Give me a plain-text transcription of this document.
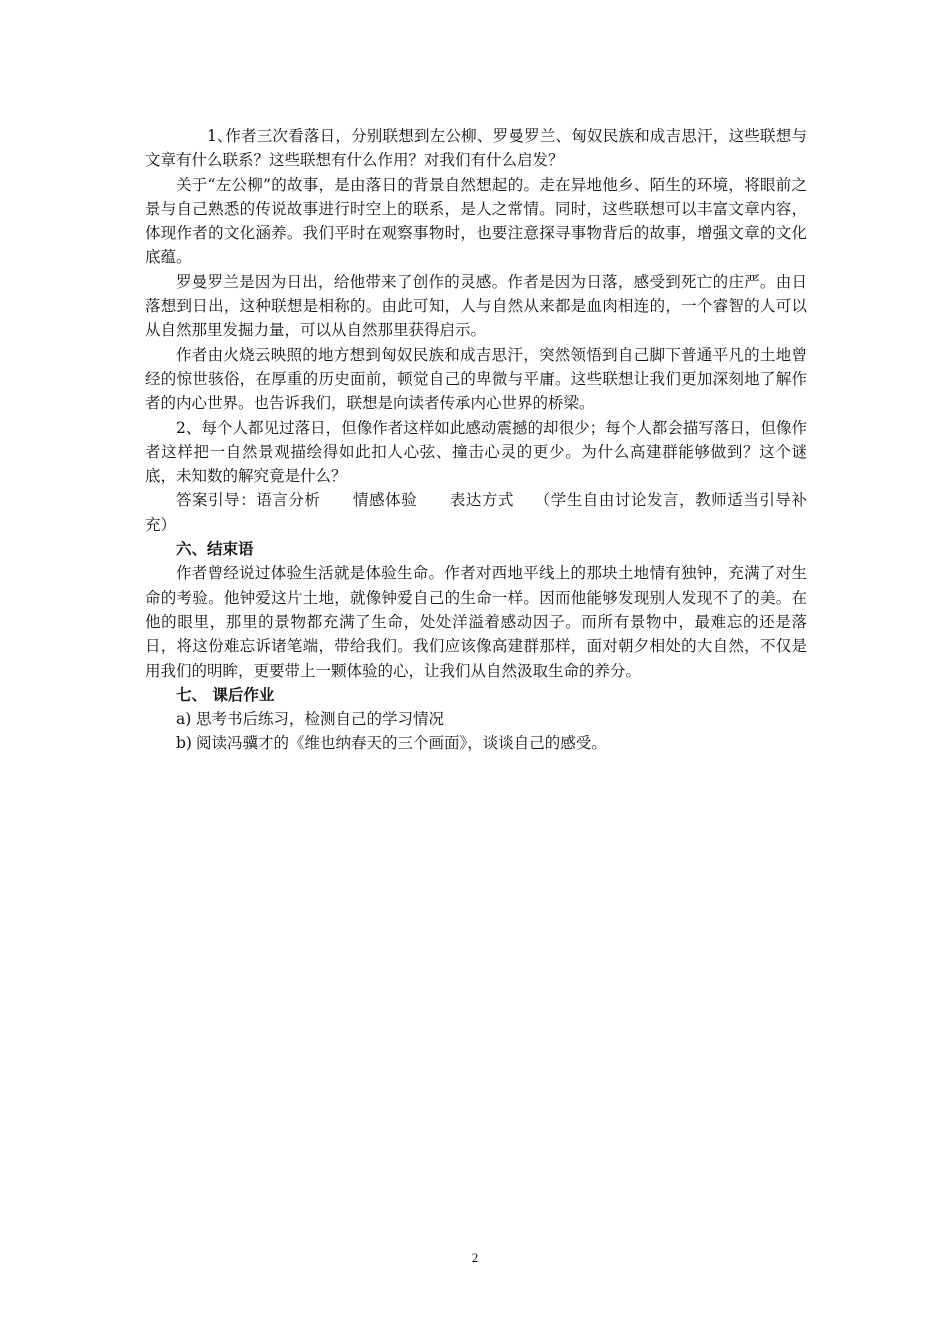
1、作者三次看落日，分别联想到左公柳、罗曼罗兰、匈奴民族和成吉思汗，这些联想与文章有什么联系？这些联想有什么作用？对我们有什么启发？

关于“左公柳”的故事，是由落日的背景自然想起的。走在异地他乡、陌生的环境，将眼前之景与自己熟悉的传说故事进行时空上的联系，是人之常情。同时，这些联想可以丰富文章内容，体现作者的文化涵养。我们平时在观察事物时，也要注意探寻事物背后的故事，增强文章的文化底蕴。

罗曼罗兰是因为日出，给他带来了创作的灵感。作者是因为日落，感受到死亡的庄严。由日落想到日出，这种联想是相称的。由此可知，人与自然从来都是血肉相连的，一个睿智的人可以从自然那里发掘力量，可以从自然那里获得启示。

作者由火烧云映照的地方想到匈奴民族和成吉思汗，突然领悟到自己脚下普通平凡的土地曾经的惊世骇俗，在厚重的历史面前，顿觉自己的卑微与平庸。这些联想让我们更加深刻地了解作者的内心世界。也告诉我们，联想是向读者传承内心世界的桥梁。

2、每个人都见过落日，但像作者这样如此感动震撼的却很少；每个人都会描写落日，但像作者这样把一自然景观描绘得如此扣人心弦、撞击心灵的更少。为什么高建群能够做到？这个谜底，未知数的解究竟是什么？

答案引导：语言分析 情感体验 表达方式 （学生自由讨论发言，教师适当引导补充）

六、结束语

作者曾经说过体验生活就是体验生命。作者对西地平线上的那块土地情有独钟，充满了对生命的考验。他钟爱这片土地，就像钟爱自己的生命一样。因而他能够发现别人发现不了的美。在他的眼里，那里的景物都充满了生命，处处洋溢着感动因子。而所有景物中，最难忘的还是落日，将这份难忘诉诸笔端，带给我们。我们应该像高建群那样，面对朝夕相处的大自然，不仅是用我们的明眸，更要带上一颗体验的心，让我们从自然汲取生命的养分。

七、 课后作业

a) 思考书后练习，检测自己的学习情况

b) 阅读冯骥才的《维也纳春天的三个画面》，谈谈自己的感受。

2
